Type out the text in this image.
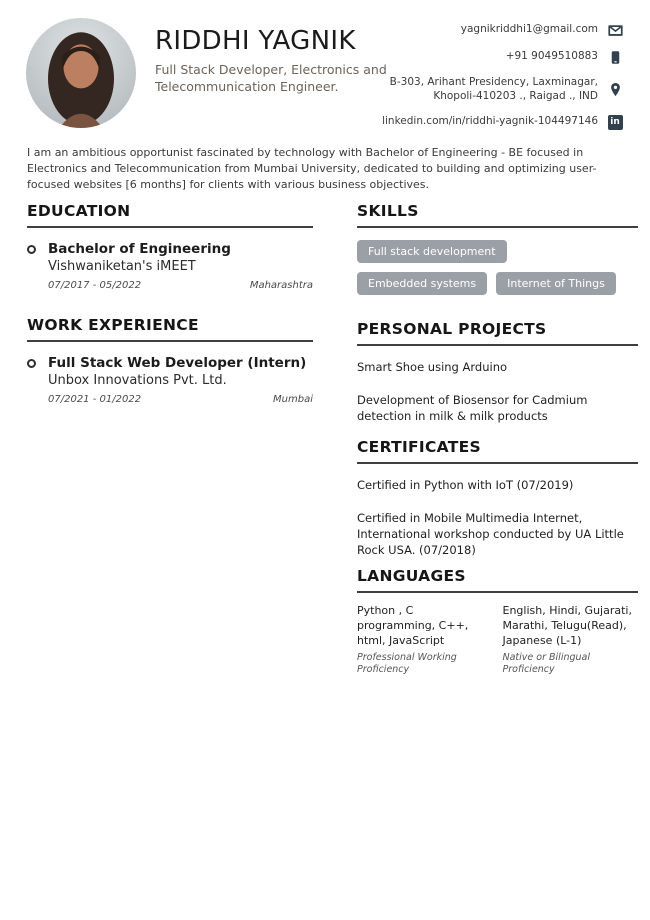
RIDDHI YAGNIK
Full Stack Developer, Electronics and Telecommunication Engineer.
yagnikriddhi1@gmail.com
+91 9049510883
B-303, Arihant Presidency, Laxminagar,
Khopoli-410203 ., Raigad ., IND
linkedin.com/in/riddhi-yagnik-104497146	in
I am an ambitious opportunist fascinated by technology with Bachelor of Engineering - BE focused in Electronics and Telecommunication from Mumbai University, dedicated to building and optimizing user-focused websites [6 months] for clients with various business objectives.
EDUCATION
Bachelor of Engineering
Vishwaniketan's iMEET
07/2017 - 05/2022	Maharashtra
WORK EXPERIENCE
Full Stack Web Developer (Intern)
Unbox Innovations Pvt. Ltd.
07/2021 - 01/2022	Mumbai
SKILLS
Full stack development
Embedded systems	Internet of Things
PERSONAL PROJECTS
Smart Shoe using Arduino
Development of Biosensor for Cadmium detection in milk & milk products
CERTIFICATES
Certified in Python with IoT (07/2019)
Certified in Mobile Multimedia Internet, International workshop conducted by UA Little Rock USA. (07/2018)
LANGUAGES
Python , C programming, C++, html, JavaScript
Professional Working Proficiency
English, Hindi, Gujarati, Marathi, Telugu(Read), Japanese (L-1)
Native or Bilingual Proficiency
